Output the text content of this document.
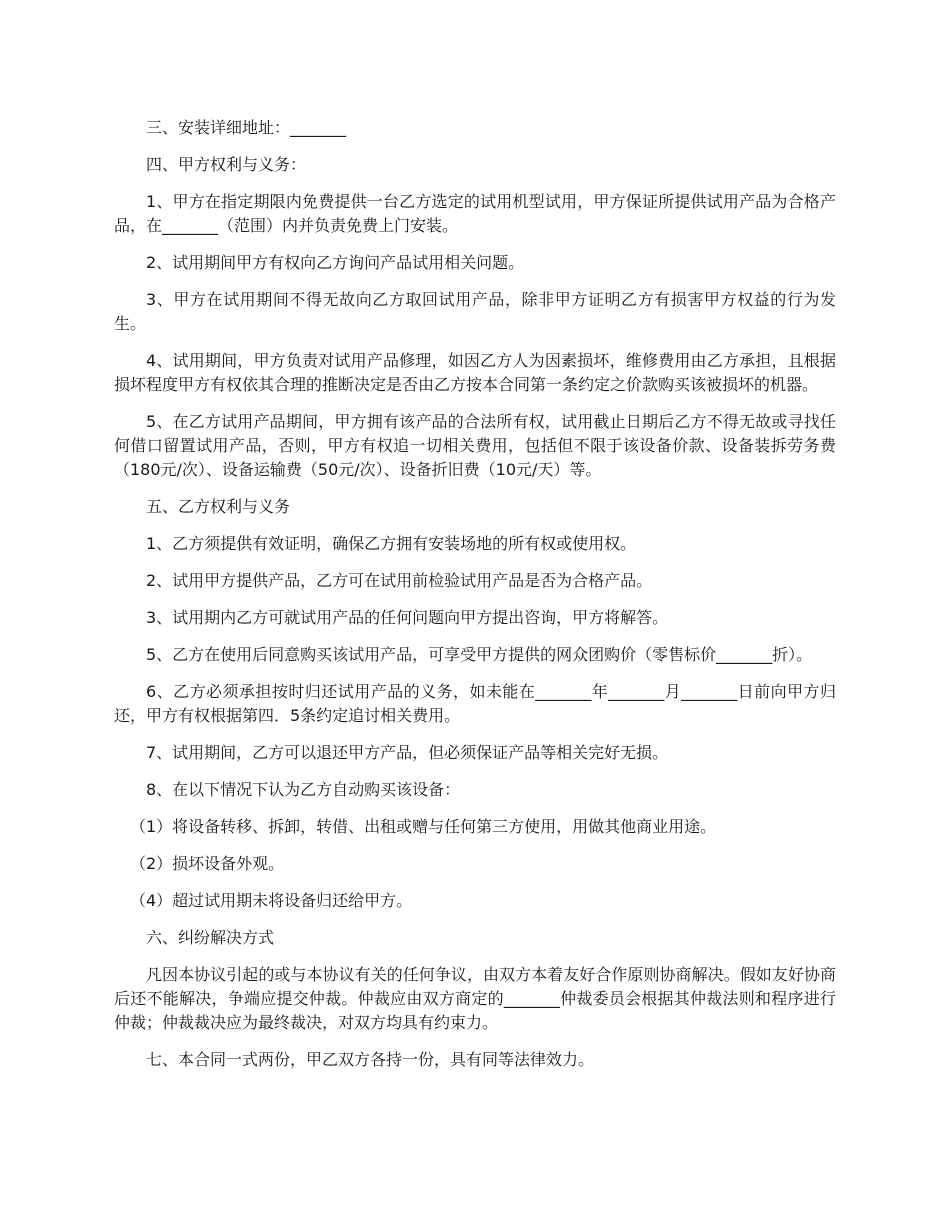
三、安装详细地址：_______

四、甲方权利与义务：

1、甲方在指定期限内免费提供一台乙方选定的试用机型试用，甲方保证所提供试用产品为合格产品，在_______（范围）内并负责免费上门安装。

2、试用期间甲方有权向乙方询问产品试用相关问题。

3、甲方在试用期间不得无故向乙方取回试用产品，除非甲方证明乙方有损害甲方权益的行为发生。

4、试用期间，甲方负责对试用产品修理，如因乙方人为因素损坏，维修费用由乙方承担，且根据损坏程度甲方有权依其合理的推断决定是否由乙方按本合同第一条约定之价款购买该被损坏的机器。

5、在乙方试用产品期间，甲方拥有该产品的合法所有权，试用截止日期后乙方不得无故或寻找任何借口留置试用产品，否则，甲方有权追一切相关费用，包括但不限于该设备价款、设备装拆劳务费（180元/次）、设备运输费（50元/次）、设备折旧费（10元/天）等。

五、乙方权利与义务

1、乙方须提供有效证明，确保乙方拥有安装场地的所有权或使用权。

2、试用甲方提供产品，乙方可在试用前检验试用产品是否为合格产品。

3、试用期内乙方可就试用产品的任何问题向甲方提出咨询，甲方将解答。

5、乙方在使用后同意购买该试用产品，可享受甲方提供的网众团购价（零售标价_______折）。

6、乙方必须承担按时归还试用产品的义务，如未能在_______年_______月_______日前向甲方归还，甲方有权根据第四．5条约定追讨相关费用。

7、试用期间，乙方可以退还甲方产品，但必须保证产品等相关完好无损。

8、在以下情况下认为乙方自动购买该设备：

（1）将设备转移、拆卸，转借、出租或赠与任何第三方使用，用做其他商业用途。

（2）损坏设备外观。

（4）超过试用期未将设备归还给甲方。

六、纠纷解决方式

凡因本协议引起的或与本协议有关的任何争议，由双方本着友好合作原则协商解决。假如友好协商后还不能解决，争端应提交仲裁。仲裁应由双方商定的_______仲裁委员会根据其仲裁法则和程序进行仲裁；仲裁裁决应为最终裁决，对双方均具有约束力。

七、本合同一式两份，甲乙双方各持一份，具有同等法律效力。
